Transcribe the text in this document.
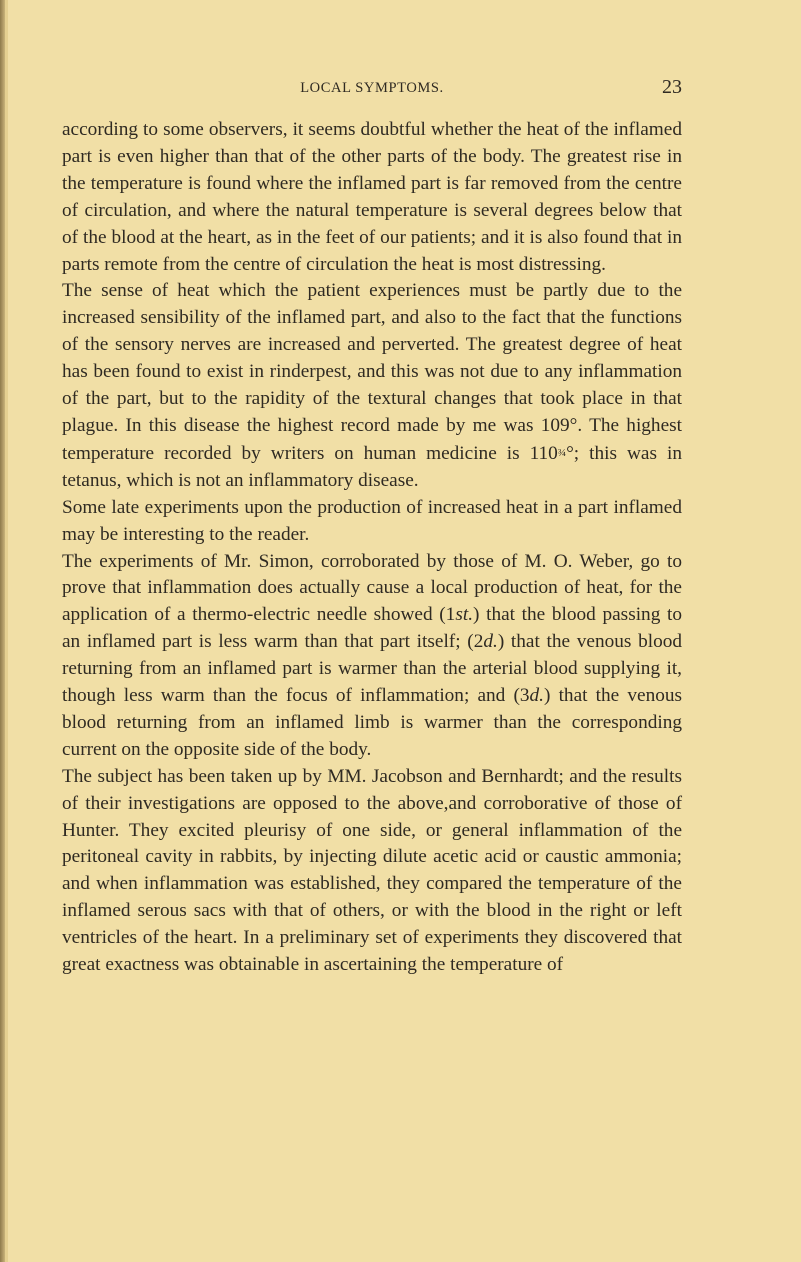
LOCAL SYMPTOMS.	23

according to some observers, it seems doubtful whether the heat of the inflamed part is even higher than that of the other parts of the body. The greatest rise in the temperature is found where the inflamed part is far removed from the centre of circulation, and where the natural temperature is several degrees below that of the blood at the heart, as in the feet of our patients; and it is also found that in parts remote from the centre of circulation the heat is most distressing.

The sense of heat which the patient experiences must be partly due to the increased sensibility of the inflamed part, and also to the fact that the functions of the sensory nerves are increased and perverted. The greatest degree of heat has been found to exist in rinderpest, and this was not due to any inflammation of the part, but to the rapidity of the textural changes that took place in that plague. In this disease the highest record made by me was 109°. The highest temperature recorded by writers on human medicine is 110¾°; this was in tetanus, which is not an inflammatory disease.

Some late experiments upon the production of increased heat in a part inflamed may be interesting to the reader.

The experiments of Mr. Simon, corroborated by those of M. O. Weber, go to prove that inflammation does actually cause a local production of heat, for the application of a thermo-electric needle showed (1st.) that the blood passing to an inflamed part is less warm than that part itself; (2d.) that the venous blood returning from an inflamed part is warmer than the arterial blood supplying it, though less warm than the focus of inflammation; and (3d.) that the venous blood returning from an inflamed limb is warmer than the corresponding current on the opposite side of the body.

The subject has been taken up by MM. Jacobson and Bernhardt; and the results of their investigations are opposed to the above,and corroborative of those of Hunter. They excited pleurisy of one side, or general inflammation of the peritoneal cavity in rabbits, by injecting dilute acetic acid or caustic ammonia; and when inflammation was established, they compared the temperature of the inflamed serous sacs with that of others, or with the blood in the right or left ventricles of the heart. In a preliminary set of experiments they discovered that great exactness was obtainable in ascertaining the temperature of
